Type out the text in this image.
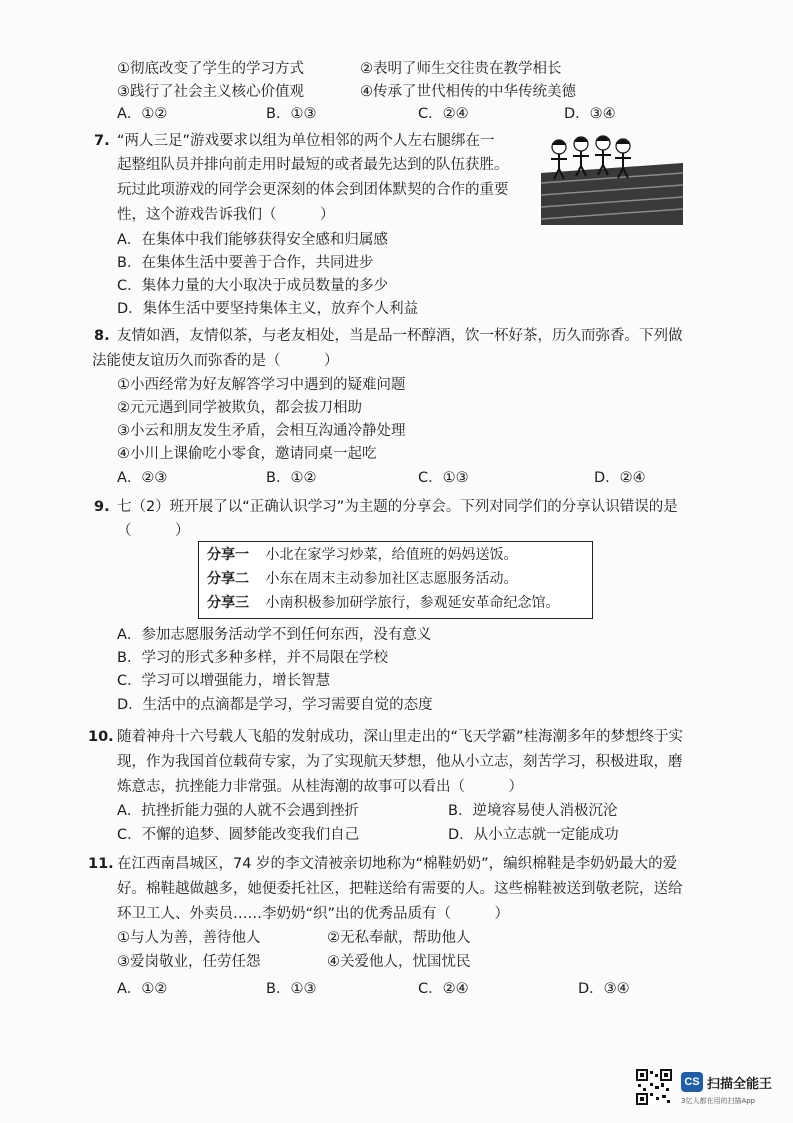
①彻底改变了学生的学习方式	②表明了师生交往贵在教学相长
③践行了社会主义核心价值观	④传承了世代相传的中华传统美德
A．①②	B．①③	C．②④	D．③④
7. “两人三足”游戏要求以组为单位相邻的两个人左右腿绑在一
起整组队员并排向前走用时最短的或者最先达到的队伍获胜。
玩过此项游戏的同学会更深刻的体会到团体默契的合作的重要
性，这个游戏告诉我们（　　　）
A．在集体中我们能够获得安全感和归属感
B．在集体生活中要善于合作，共同进步
C．集体力量的大小取决于成员数量的多少
D．集体生活中要坚持集体主义，放弃个人利益
8. 友情如酒，友情似茶，与老友相处，当是品一杯醇酒，饮一杯好茶，历久而弥香。下列做
法能使友谊历久而弥香的是（　　　）
①小西经常为好友解答学习中遇到的疑难问题
②元元遇到同学被欺负，都会拔刀相助
③小云和朋友发生矛盾，会相互沟通冷静处理
④小川上课偷吃小零食，邀请同桌一起吃
A．②③	B．①②	C．①③	D．②④
9. 七（2）班开展了以“正确认识学习”为主题的分享会。下列对同学们的分享认识错误的是
（　　　）
分享一 小北在家学习炒菜，给值班的妈妈送饭。
分享二 小东在周末主动参加社区志愿服务活动。
分享三 小南积极参加研学旅行，参观延安革命纪念馆。
A．参加志愿服务活动学不到任何东西，没有意义
B．学习的形式多种多样，并不局限在学校
C．学习可以增强能力，增长智慧
D．生活中的点滴都是学习，学习需要自觉的态度
10. 随着神舟十六号载人飞船的发射成功，深山里走出的“飞天学霸”桂海潮多年的梦想终于实
现，作为我国首位载荷专家，为了实现航天梦想，他从小立志，刻苦学习，积极进取，磨
炼意志，抗挫能力非常强。从桂海潮的故事可以看出（　　　）
A．抗挫折能力强的人就不会遇到挫折	B．逆境容易使人消极沉沦
C．不懈的追梦、圆梦能改变我们自己	D．从小立志就一定能成功
11. 在江西南昌城区，74 岁的李文清被亲切地称为“棉鞋奶奶”，编织棉鞋是李奶奶最大的爱
好。棉鞋越做越多，她便委托社区，把鞋送给有需要的人。这些棉鞋被送到敬老院，送给
环卫工人、外卖员……李奶奶“织”出的优秀品质有（　　　）
①与人为善，善待他人	②无私奉献，帮助他人
③爱岗敬业，任劳任怨	④关爱他人，忧国忧民
A．①②	B．①③	C．②④	D．③④
CS 扫描全能王
3亿人都在用的扫描App
